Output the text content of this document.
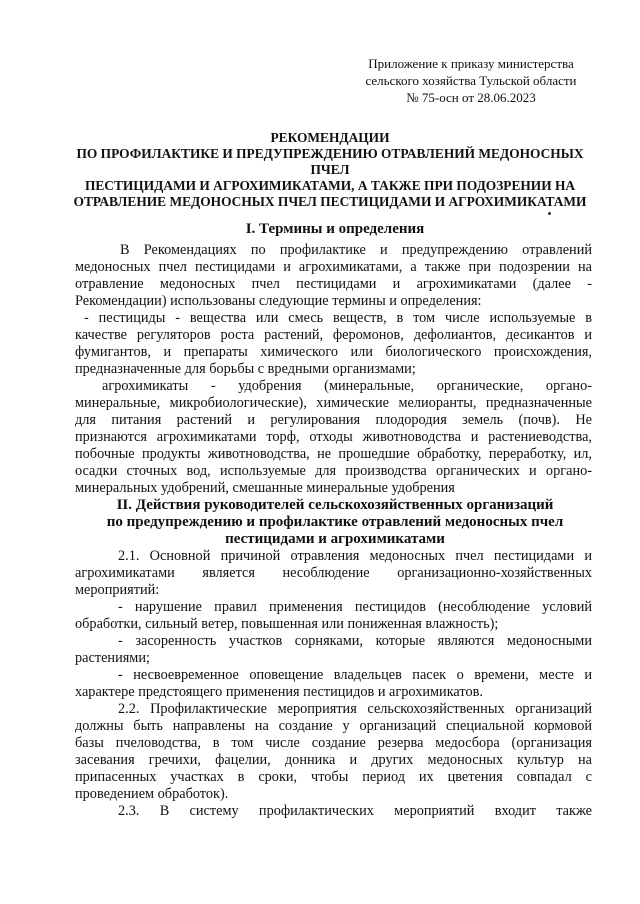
Приложение к приказу министерства
сельского хозяйства Тульской области
№ 75-осн от 28.06.2023
РЕКОМЕНДАЦИИ
ПО ПРОФИЛАКТИКЕ И ПРЕДУПРЕЖДЕНИЮ ОТРАВЛЕНИЙ МЕДОНОСНЫХ
ПЧЕЛ
ПЕСТИЦИДАМИ И АГРОХИМИКАТАМИ, А ТАКЖЕ ПРИ ПОДОЗРЕНИИ НА
ОТРАВЛЕНИЕ МЕДОНОСНЫХ ПЧЕЛ ПЕСТИЦИДАМИ И АГРОХИМИКАТАМИ
I. Термины и определения
В Рекомендациях по профилактике и предупреждению отравлений
медоносных пчел пестицидами и агрохимикатами, а также при подозрении на
отравление медоносных пчел пестицидами и агрохимикатами (далее -
Рекомендации) использованы следующие термины и определения:
- пестициды - вещества или смесь веществ, в том числе используемые в
качестве регуляторов роста растений, феромонов, дефолиантов, десикантов и
фумигантов, и препараты химического или биологического происхождения,
предназначенные для борьбы с вредными организмами;
агрохимикаты - удобрения (минеральные, органические, органо-
минеральные, микробиологические), химические мелиоранты, предназначенные
для питания растений и регулирования плодородия земель (почв). Не
признаются агрохимикатами торф, отходы животноводства и растениеводства,
побочные продукты животноводства, не прошедшие обработку, переработку, ил,
осадки сточных вод, используемые для производства органических и органо-
минеральных удобрений, смешанные минеральные удобрения
II. Действия руководителей сельскохозяйственных организаций
по предупреждению и профилактике отравлений медоносных пчел
пестицидами и агрохимикатами
2.1. Основной причиной отравления медоносных пчел пестицидами и
агрохимикатами является несоблюдение организационно-хозяйственных
мероприятий:
- нарушение правил применения пестицидов (несоблюдение условий
обработки, сильный ветер, повышенная или пониженная влажность);
- засоренность участков сорняками, которые являются медоносными
растениями;
- несвоевременное оповещение владельцев пасек о времени, месте и
характере предстоящего применения пестицидов и агрохимикатов.
2.2. Профилактические мероприятия сельскохозяйственных организаций
должны быть направлены на создание у организаций специальной кормовой
базы пчеловодства, в том числе создание резерва медосбора (организация
засевания гречихи, фацелии, донника и других медоносных культур на
припасенных участках в сроки, чтобы период их цветения совпадал с
проведением обработок).
2.3. В систему профилактических мероприятий входит также
